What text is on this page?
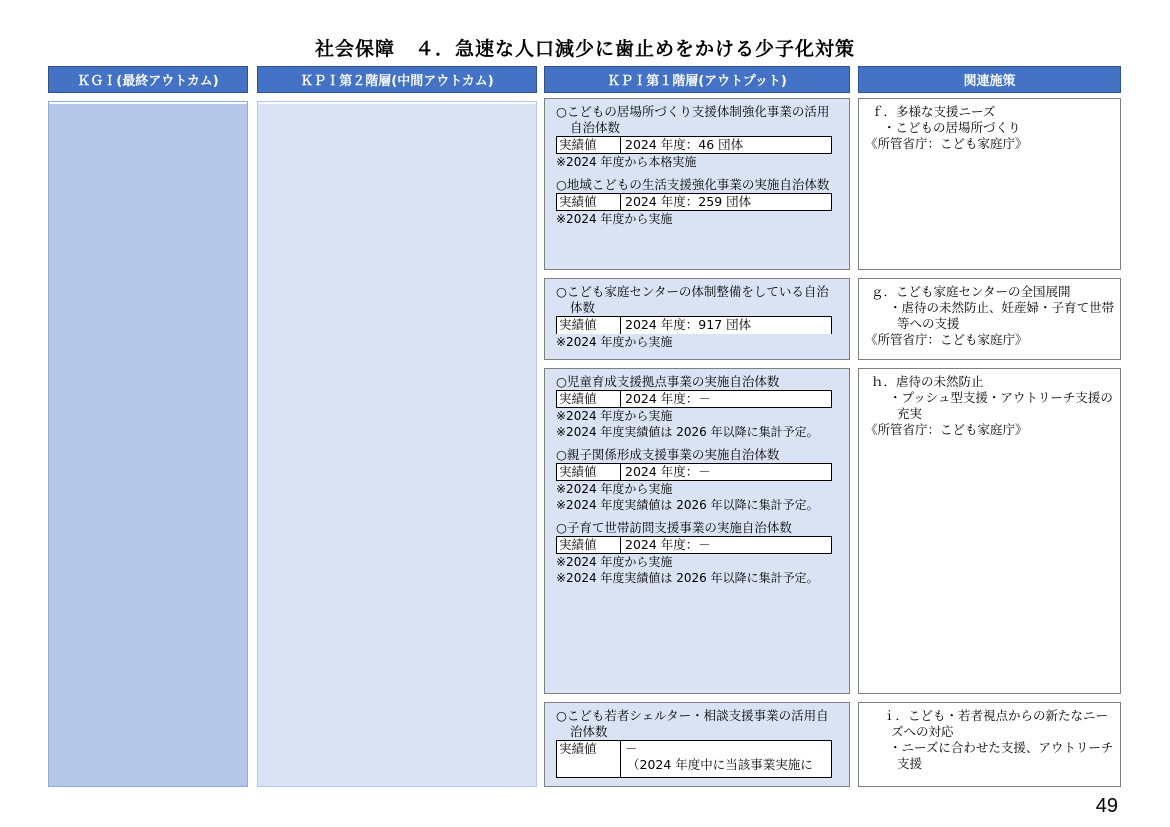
社会保障　４．急速な人口減少に歯止めをかける少子化対策
ＫＧＩ(最終アウトカム)	ＫＰＩ第２階層(中間アウトカム)	ＫＰＩ第１階層(アウトプット)	関連施策
○こどもの居場所づくり支援体制強化事業の活用自治体数
実績値	2024 年度：46 団体
※2024 年度から本格実施
○地域こどもの生活支援強化事業の実施自治体数
実績値	2024 年度：259 団体
※2024 年度から実施
ｆ．多様な支援ニーズ
・こどもの居場所づくり
《所管省庁：こども家庭庁》
○こども家庭センターの体制整備をしている自治体数
実績値	2024 年度：917 団体
※2024 年度から実施
ｇ．こども家庭センターの全国展開
・虐待の未然防止、妊産婦・子育て世帯等への支援
《所管省庁：こども家庭庁》
○児童育成支援拠点事業の実施自治体数
実績値	2024 年度：－
※2024 年度から実施
※2024 年度実績値は 2026 年以降に集計予定。
○親子関係形成支援事業の実施自治体数
実績値	2024 年度：－
※2024 年度から実施
※2024 年度実績値は 2026 年以降に集計予定。
○子育て世帯訪問支援事業の実施自治体数
実績値	2024 年度：－
※2024 年度から実施
※2024 年度実績値は 2026 年以降に集計予定。
ｈ．虐待の未然防止
・プッシュ型支援・アウトリーチ支援の充実
《所管省庁：こども家庭庁》
○こども若者シェルター・相談支援事業の活用自治体数
実績値	－
（2024 年度中に当該事業実施に
ｉ．こども・若者視点からの新たなニーズへの対応
・ニーズに合わせた支援、アウトリーチ支援
49
